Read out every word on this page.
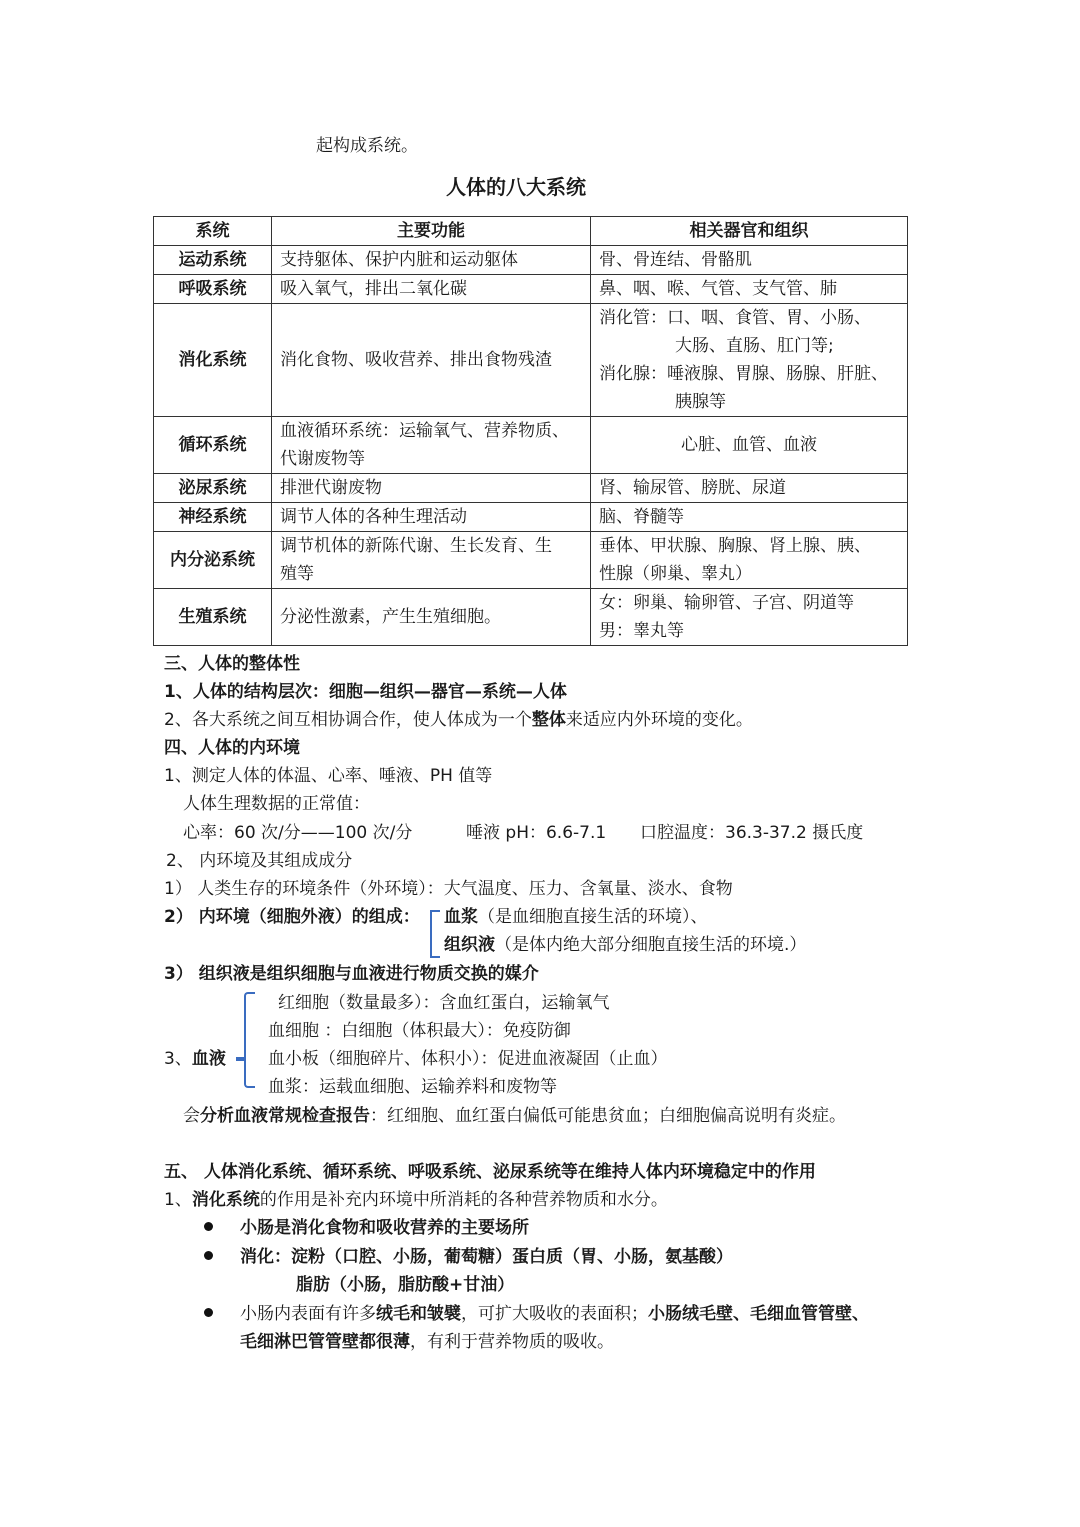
起构成系统。
人体的八大系统
系统	主要功能	相关器官和组织
运动系统	支持躯体、保护内脏和运动躯体	骨、骨连结、骨骼肌

呼吸系统	吸入氧气，排出二氧化碳	鼻、咽、喉、气管、支气管、肺

消化系统	消化食物、吸收营养、排出食物残渣	消化管：口、咽、食管、胃、小肠、
大肠、直肠、肛门等;
消化腺：唾液腺、胃腺、肠腺、肝脏、
胰腺等

循环系统	血液循环系统：运输氧气、营养物质、
代谢废物等	心脏、血管、血液

泌尿系统	排泄代谢废物	肾、输尿管、膀胱、尿道

神经系统	调节人体的各种生理活动	脑、脊髓等

内分泌系统	调节机体的新陈代谢、生长发育、生
殖等	垂体、甲状腺、胸腺、肾上腺、胰、
性腺（卵巢、睾丸）

生殖系统	分泌性激素，产生生殖细胞。	女：卵巢、输卵管、子宫、阴道等
男：睾丸等
三、人体的整体性
1、人体的结构层次：细胞—组织—器官—系统—人体
2、各大系统之间互相协调合作，使人体成为一个整体来适应内外环境的变化。
四、人体的内环境
1、测定人体的体温、心率、唾液、PH 值等
人体生理数据的正常值：
心率：60 次/分——100 次/分	唾液 pH：6.6-7.1 口腔温度：36.3-37.2 摄氏度
2、 内环境及其组成成分
1） 人类生存的环境条件（外环境）：大气温度、压力、含氧量、淡水、食物
2） 内环境（细胞外液）的组成： 血浆（是血细胞直接生活的环境）、
组织液（是体内绝大部分细胞直接生活的环境.）
3） 组织液是组织细胞与血液进行物质交换的媒介
3、血液
红细胞（数量最多）：含血红蛋白，运输氧气
血细胞 ：白细胞（体积最大）：免疫防御
血小板（细胞碎片、体积小）：促进血液凝固（止血）
血浆：运载血细胞、运输养料和废物等
会分析血液常规检查报告：红细胞、血红蛋白偏低可能患贫血；白细胞偏高说明有炎症。
五、 人体消化系统、循环系统、呼吸系统、泌尿系统等在维持人体内环境稳定中的作用
1、消化系统的作用是补充内环境中所消耗的各种营养物质和水分。
小肠是消化食物和吸收营养的主要场所
消化：淀粉（口腔、小肠，葡萄糖）蛋白质（胃、小肠，氨基酸）
脂肪（小肠，脂肪酸+甘油）
小肠内表面有许多绒毛和皱襞，可扩大吸收的表面积；小肠绒毛壁、毛细血管管壁、
毛细淋巴管管壁都很薄，有利于营养物质的吸收。
